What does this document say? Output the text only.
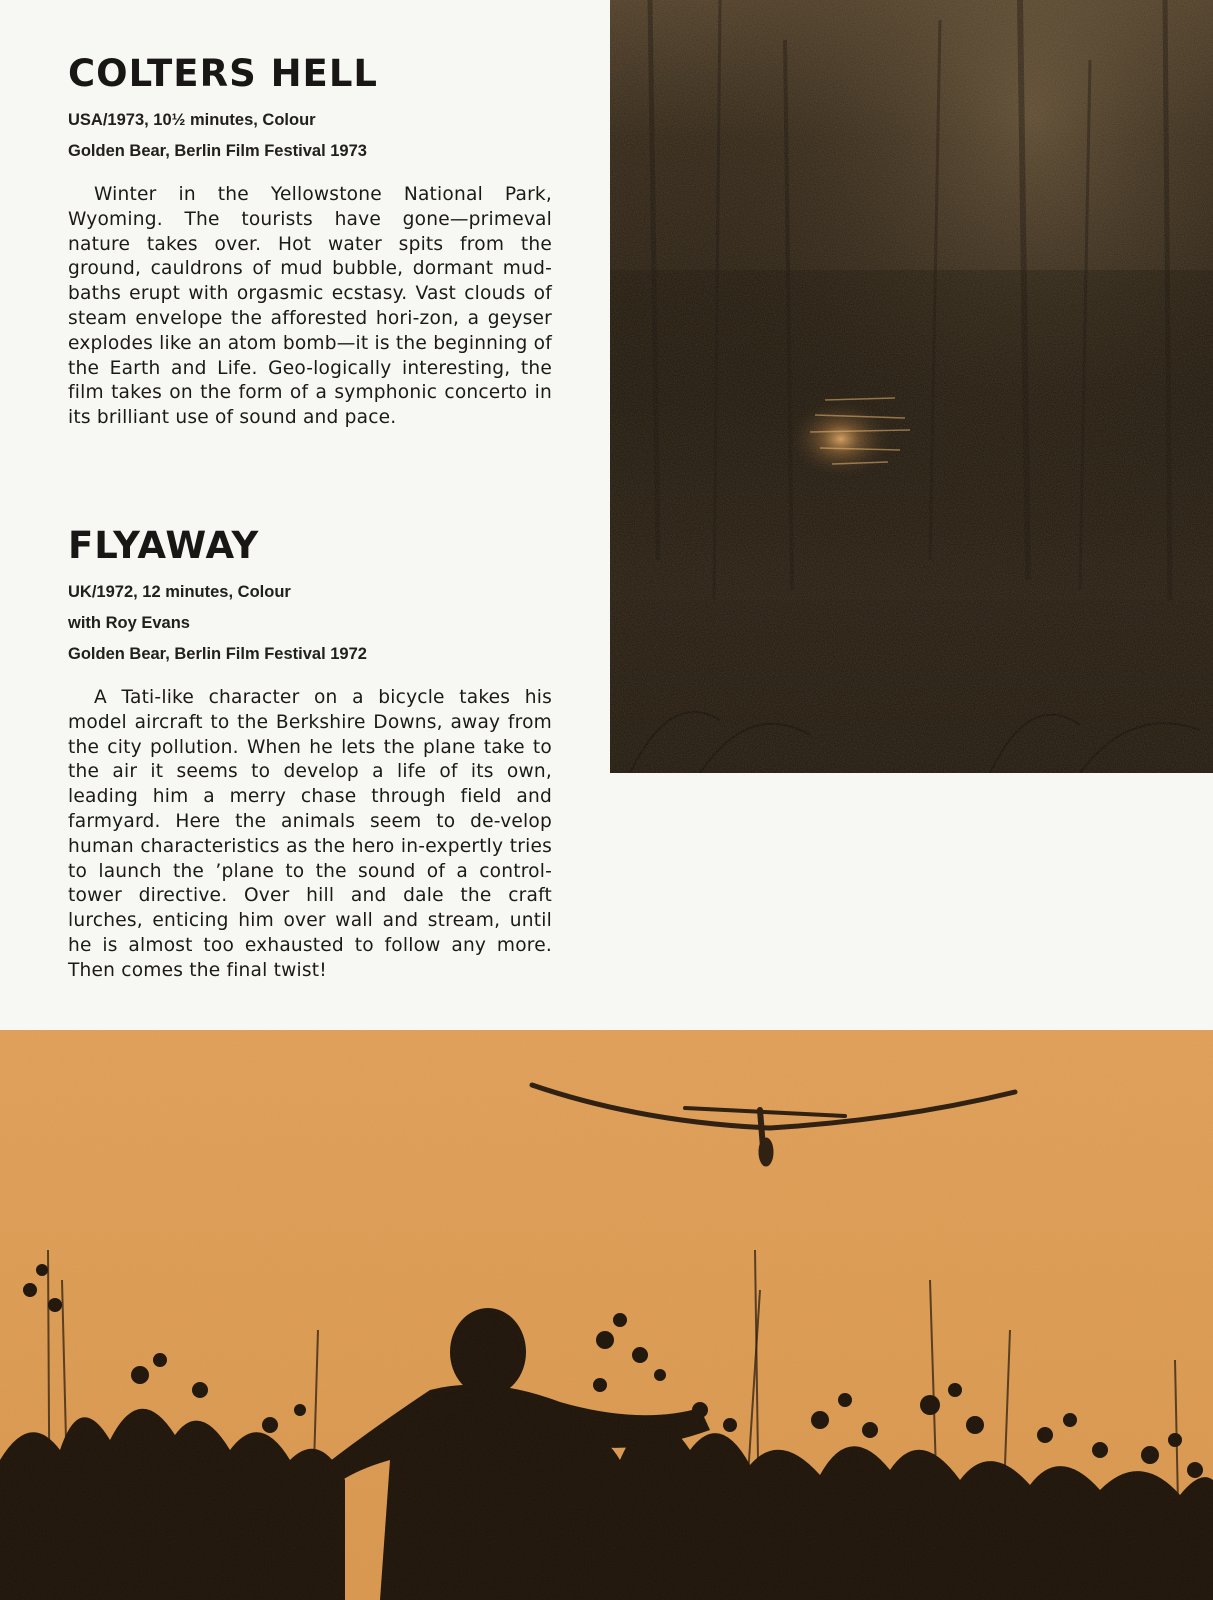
COLTERS HELL
USA/1973, 10½ minutes, Colour
Golden Bear, Berlin Film Festival 1973

Winter in the Yellowstone National Park, Wyoming. The tourists have gone—primeval nature takes over. Hot water spits from the ground, cauldrons of mud bubble, dormant mud-baths erupt with orgasmic ecstasy. Vast clouds of steam envelope the afforested hori-zon, a geyser explodes like an atom bomb—it is the beginning of the Earth and Life. Geo-logically interesting, the film takes on the form of a symphonic concerto in its brilliant use of sound and pace.

FLYAWAY
UK/1972, 12 minutes, Colour
with Roy Evans
Golden Bear, Berlin Film Festival 1972

A Tati-like character on a bicycle takes his model aircraft to the Berkshire Downs, away from the city pollution. When he lets the plane take to the air it seems to develop a life of its own, leading him a merry chase through field and farmyard. Here the animals seem to de-velop human characteristics as the hero in-expertly tries to launch the ’plane to the sound of a control-tower directive. Over hill and dale the craft lurches, enticing him over wall and stream, until he is almost too exhausted to follow any more. Then comes the final twist!
